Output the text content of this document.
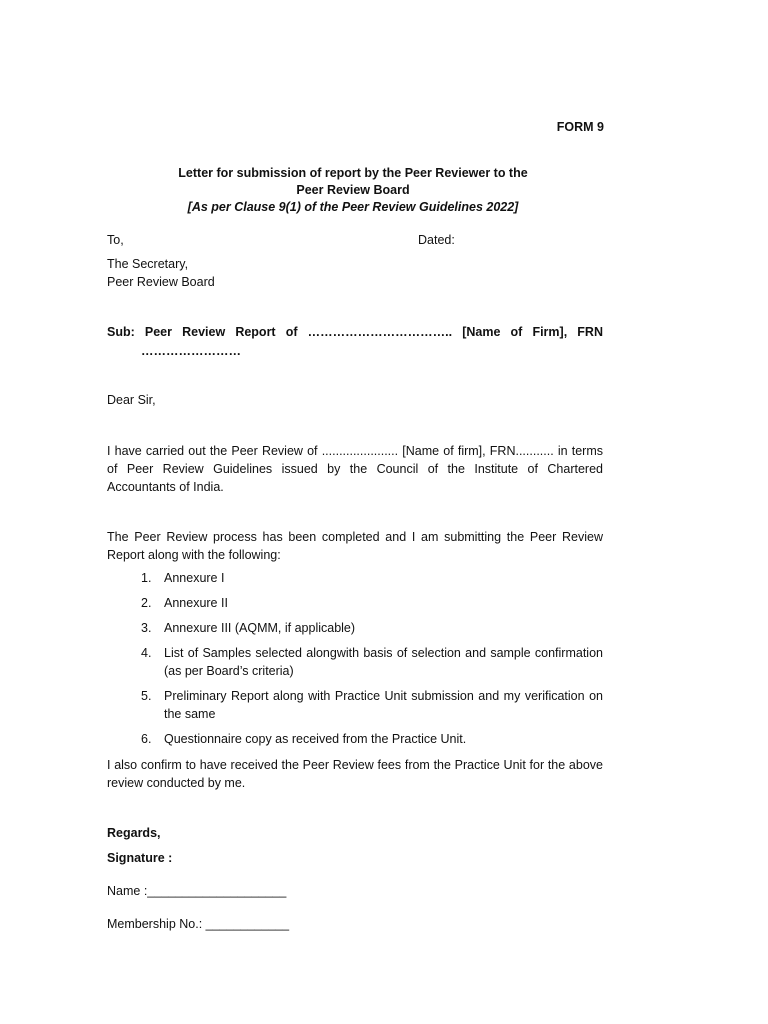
FORM 9
Letter for submission of report by the Peer Reviewer to the
Peer Review Board
[As per Clause 9(1) of the Peer Review Guidelines 2022]
To,	Dated:
The Secretary,
Peer Review Board
Sub: Peer Review Report of …………………………….. [Name of Firm], FRN
……………………
Dear Sir,
I have carried out the Peer Review of ...................... [Name of firm], FRN........... in terms of Peer Review Guidelines issued by the Council of the Institute of Chartered Accountants of India.
The Peer Review process has been completed and I am submitting the Peer Review Report along with the following:
1. Annexure I
2. Annexure II
3. Annexure III (AQMM, if applicable)
4. List of Samples selected alongwith basis of selection and sample confirmation (as per Board’s criteria)
5. Preliminary Report along with Practice Unit submission and my verification on the same
6. Questionnaire copy as received from the Practice Unit.
I also confirm to have received the Peer Review fees from the Practice Unit for the above review conducted by me.
Regards,
Signature :
Name :____________________
Membership No.: ____________
